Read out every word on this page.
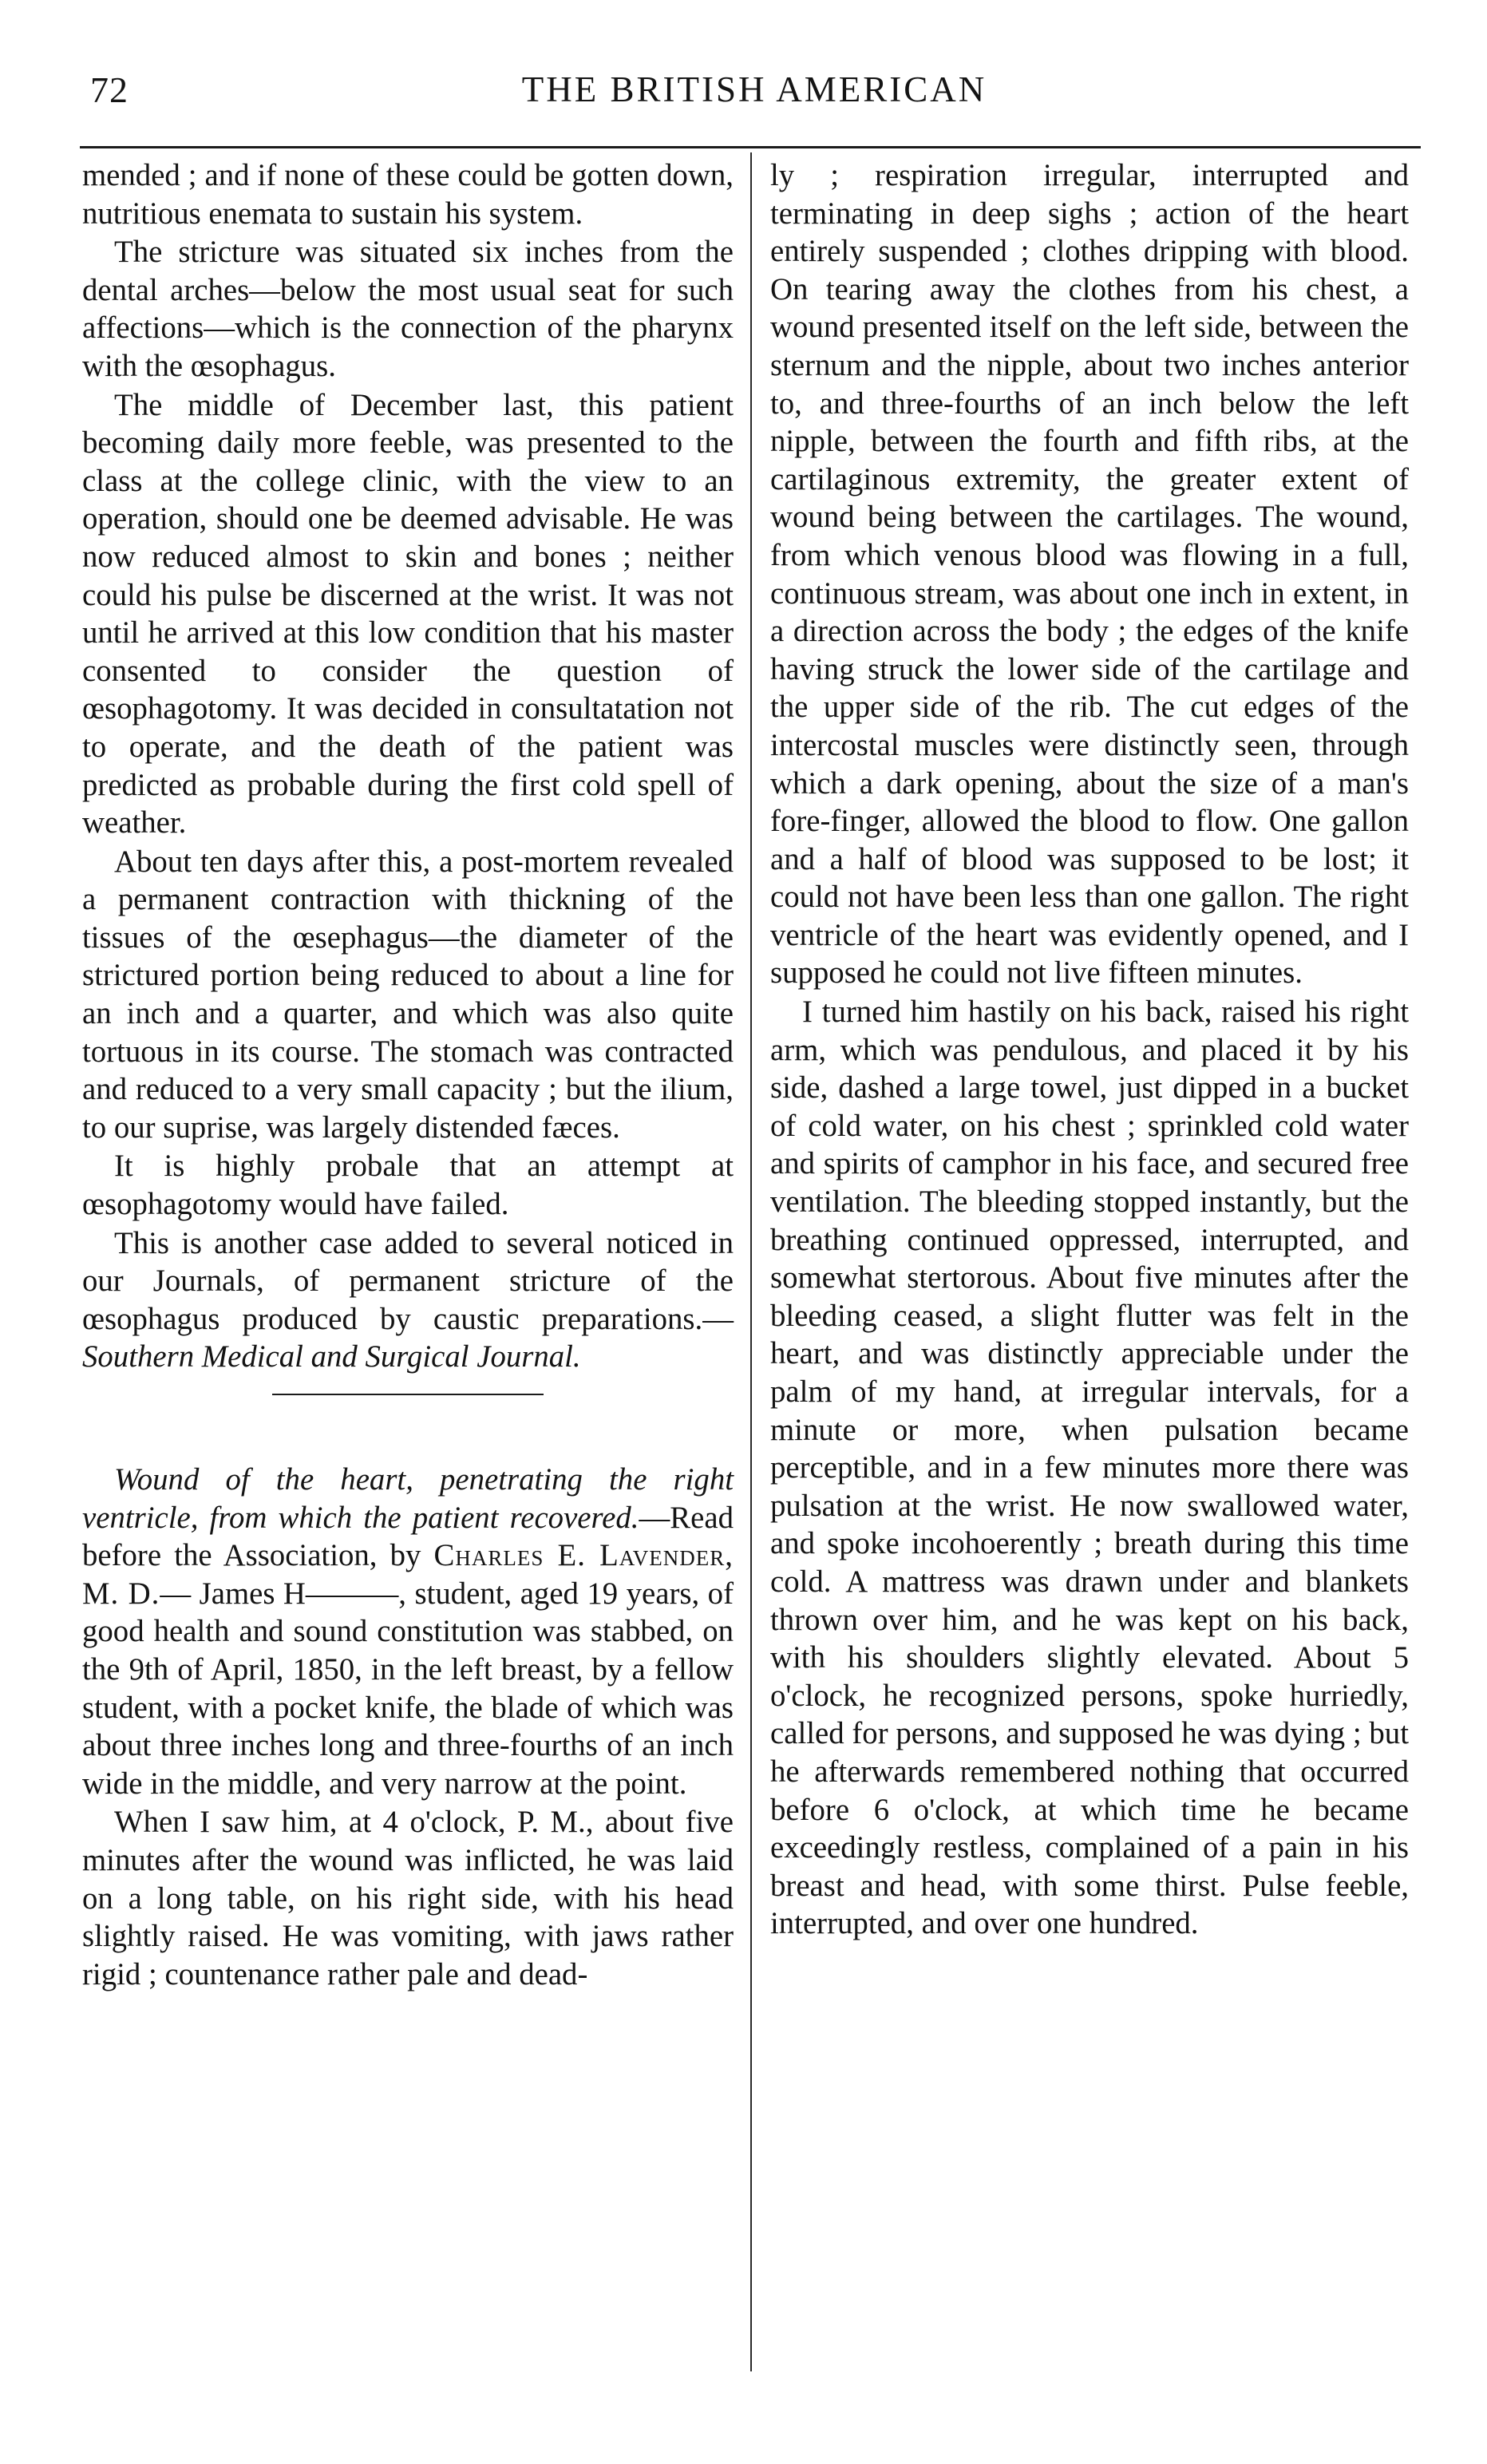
72	THE BRITISH AMERICAN

mended ; and if none of these could be gotten down, nutritious enemata to sustain his system.

The stricture was situated six inches from the dental arches—below the most usual seat for such affections—which is the connection of the pharynx with the œsophagus.

The middle of December last, this patient becoming daily more feeble, was presented to the class at the college clinic, with the view to an operation, should one be deemed advisable. He was now reduced almost to skin and bones ; neither could his pulse be discerned at the wrist. It was not until he arrived at this low condition that his master consented to consider the question of œsophagotomy. It was decided in consultatation not to operate, and the death of the patient was predicted as probable during the first cold spell of weather.

About ten days after this, a post-mortem revealed a permanent contraction with thickning of the tissues of the œsephagus—the diameter of the strictured portion being reduced to about a line for an inch and a quarter, and which was also quite tortuous in its course. The stomach was contracted and reduced to a very small capacity ; but the ilium, to our suprise, was largely distended fæces.

It is highly probale that an attempt at œsophagotomy would have failed.

This is another case added to several noticed in our Journals, of permanent stricture of the œsophagus produced by caustic preparations.—Southern Medical and Surgical Journal.

Wound of the heart, penetrating the right ventricle, from which the patient recovered.—Read before the Association, by Charles E. Lavender, M. D.— James H———, student, aged 19 years, of good health and sound constitution was stabbed, on the 9th of April, 1850, in the left breast, by a fellow student, with a pocket knife, the blade of which was about three inches long and three-fourths of an inch wide in the middle, and very narrow at the point.

When I saw him, at 4 o'clock, P. M., about five minutes after the wound was inflicted, he was laid on a long table, on his right side, with his head slightly raised. He was vomiting, with jaws rather rigid ; countenance rather pale and dead-

ly ; respiration irregular, interrupted and terminating in deep sighs ; action of the heart entirely suspended ; clothes dripping with blood. On tearing away the clothes from his chest, a wound presented itself on the left side, between the sternum and the nipple, about two inches anterior to, and three-fourths of an inch below the left nipple, between the fourth and fifth ribs, at the cartilaginous extremity, the greater extent of wound being between the cartilages. The wound, from which venous blood was flowing in a full, continuous stream, was about one inch in extent, in a direction across the body ; the edges of the knife having struck the lower side of the cartilage and the upper side of the rib. The cut edges of the intercostal muscles were distinctly seen, through which a dark opening, about the size of a man's fore-finger, allowed the blood to flow. One gallon and a half of blood was supposed to be lost; it could not have been less than one gallon. The right ventricle of the heart was evidently opened, and I supposed he could not live fifteen minutes.

I turned him hastily on his back, raised his right arm, which was pendulous, and placed it by his side, dashed a large towel, just dipped in a bucket of cold water, on his chest ; sprinkled cold water and spirits of camphor in his face, and secured free ventilation. The bleeding stopped instantly, but the breathing continued oppressed, interrupted, and somewhat stertorous. About five minutes after the bleeding ceased, a slight flutter was felt in the heart, and was distinctly appreciable under the palm of my hand, at irregular intervals, for a minute or more, when pulsation became perceptible, and in a few minutes more there was pulsation at the wrist. He now swallowed water, and spoke incohoerently ; breath during this time cold. A mattress was drawn under and blankets thrown over him, and he was kept on his back, with his shoulders slightly elevated. About 5 o'clock, he recognized persons, spoke hurriedly, called for persons, and supposed he was dying ; but he afterwards remembered nothing that occurred before 6 o'clock, at which time he became exceedingly restless, complained of a pain in his breast and head, with some thirst. Pulse feeble, interrupted, and over one hundred.
